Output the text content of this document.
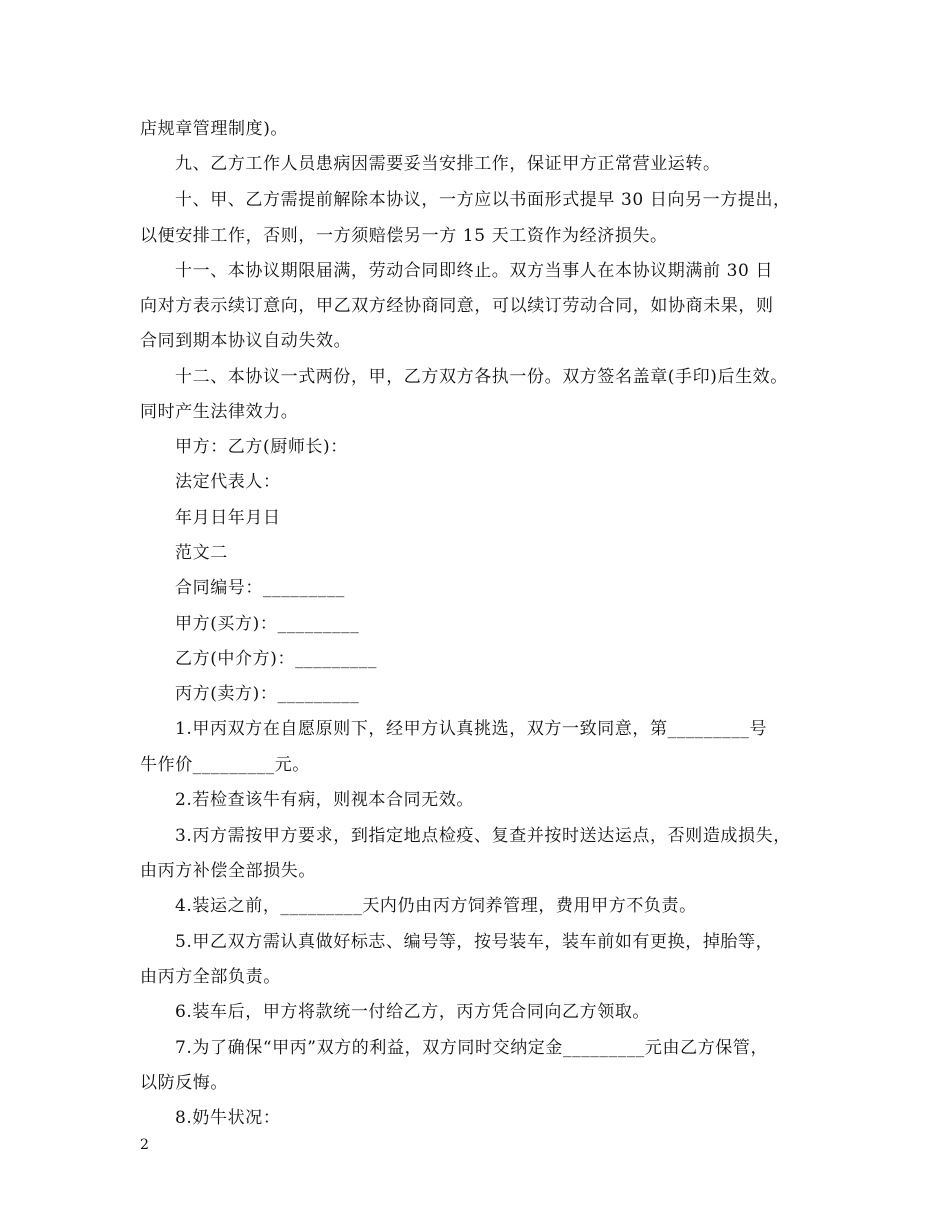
店规章管理制度)。
九、乙方工作人员患病因需要妥当安排工作，保证甲方正常营业运转。
十、甲、乙方需提前解除本协议，一方应以书面形式提早 30 日向另一方提出，
以便安排工作，否则，一方须赔偿另一方 15 天工资作为经济损失。
十一、本协议期限届满，劳动合同即终止。双方当事人在本协议期满前 30 日
向对方表示续订意向，甲乙双方经协商同意，可以续订劳动合同，如协商未果，则
合同到期本协议自动失效。
十二、本协议一式两份，甲，乙方双方各执一份。双方签名盖章(手印)后生效。
同时产生法律效力。
甲方：乙方(厨师长)：
法定代表人：
年月日年月日
范文二
合同编号：_________
甲方(买方)：_________
乙方(中介方)：_________
丙方(卖方)：_________
1.甲丙双方在自愿原则下，经甲方认真挑选，双方一致同意，第_________号
牛作价_________元。
2.若检查该牛有病，则视本合同无效。
3.丙方需按甲方要求，到指定地点检疫、复查并按时送达运点，否则造成损失，
由丙方补偿全部损失。
4.装运之前，_________天内仍由丙方饲养管理，费用甲方不负责。
5.甲乙双方需认真做好标志、编号等，按号装车，装车前如有更换，掉胎等，
由丙方全部负责。
6.装车后，甲方将款统一付给乙方，丙方凭合同向乙方领取。
7.为了确保“甲丙”双方的利益，双方同时交纳定金_________元由乙方保管，
以防反悔。
8.奶牛状况：
2
